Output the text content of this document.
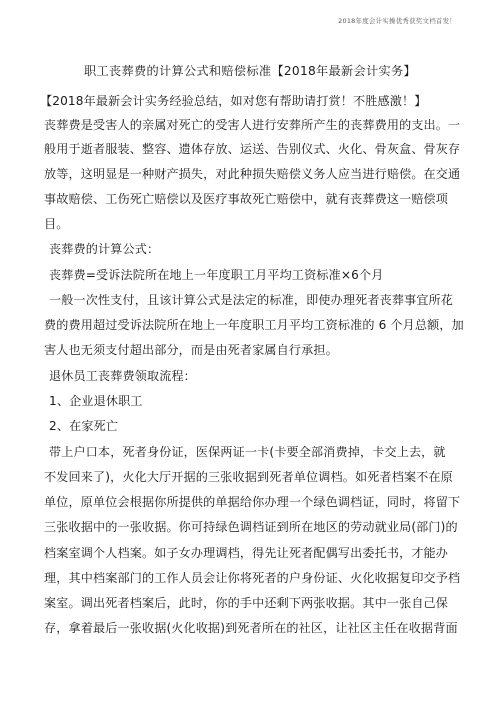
2018年度会计实操优秀获奖文档首发！
职工丧葬费的计算公式和赔偿标准【2018年最新会计实务】
【2018年最新会计实务经验总结，如对您有帮助请打赏！不胜感激！】
丧葬费是受害人的亲属对死亡的受害人进行安葬所产生的丧葬费用的支出。一
般用于逝者服装、整容、遗体存放、运送、告别仪式、火化、骨灰盒、骨灰存
放等，这明显是一种财产损失，对此种损失赔偿义务人应当进行赔偿。在交通
事故赔偿、工伤死亡赔偿以及医疗事故死亡赔偿中，就有丧葬费这一赔偿项
目。
丧葬费的计算公式：
丧葬费=受诉法院所在地上一年度职工月平均工资标准×6个月
一般一次性支付，且该计算公式是法定的标准，即使办理死者丧葬事宜所花
费的费用超过受诉法院所在地上一年度职工月平均工资标准的 6 个月总额，加
害人也无须支付超出部分，而是由死者家属自行承担。
退休员工丧葬费领取流程：
1、企业退休职工
2、在家死亡
带上户口本，死者身份证，医保两证一卡(卡要全部消费掉，卡交上去，就
不发回来了)，火化大厅开据的三张收据到死者单位调档。如死者档案不在原
单位，原单位会根据你所提供的单据给你办理一个绿色调档证，同时，将留下
三张收据中的一张收据。你可持绿色调档证到所在地区的劳动就业局(部门)的
档案室调个人档案。如子女办理调档，得先让死者配偶写出委托书，才能办
理，其中档案部门的工作人员会让你将死者的户身份证、火化收据复印交予档
案室。调出死者档案后，此时，你的手中还剩下两张收据。其中一张自己保
存，拿着最后一张收据(火化收据)到死者所在的社区，让社区主任在收据背面
